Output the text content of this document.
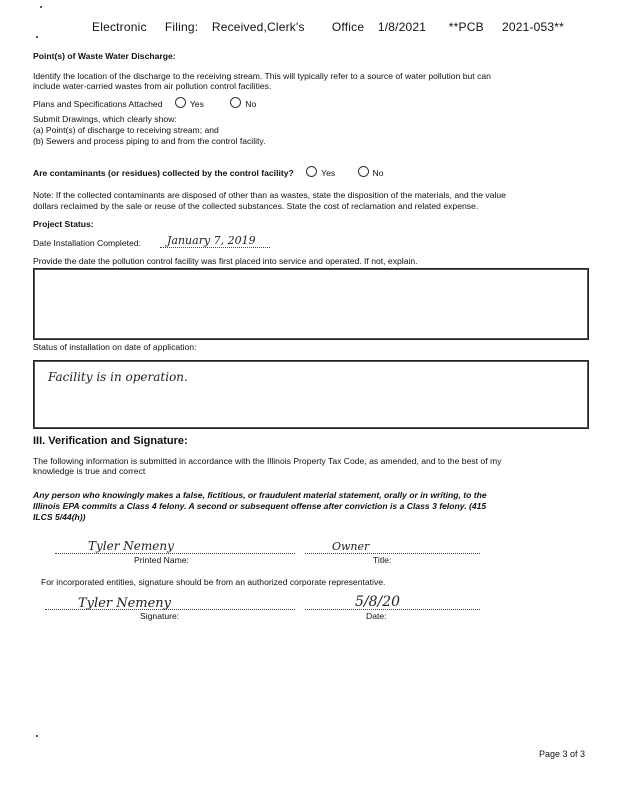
Electronic    Filing:   Received,Clerk's      Office   1/8/2021     **PCB    2021-053**
Point(s) of Waste Water Discharge:
Identify the location of the discharge to the receiving stream. This will typically refer to a source of water pollution but can
include water-carried wastes from air pollution control facilities.
Plans and Specifications Attached	Yes	No
Submit Drawings, which clearly show:
(a) Point(s) of discharge to receiving stream; and
(b) Sewers and process piping to and from the control facility.
Are contaminants (or residues) collected by the control facility?	Yes	No
Note: If the collected contaminants are disposed of other than as wastes, state the disposition of the materials, and the value
dollars reclaimed by the sale or reuse of the collected substances. State the cost of reclamation and related expense.
Project Status:
Date Installation Completed: January 7, 2019
Provide the date the pollution control facility was first placed into service and operated. If not, explain.
Status of installation on date of application:
Facility is in operation.
III. Verification and Signature:
The following information is submitted in accordance with the Illinois Property Tax Code, as amended, and to the best of my
knowledge is true and correct
Any person who knowingly makes a false, fictitious, or fraudulent material statement, orally or in writing, to the
Illinois EPA commits a Class 4 felony. A second or subsequent offense after conviction is a Class 3 felony. (415
ILCS 5/44(h))
Tyler Nemeny
Printed Name:
Owner
Title:
For incorporated entities, signature should be from an authorized corporate representative.
Tyler Nemeny
Signature:
5/8/20
Date:
Page 3 of 3
